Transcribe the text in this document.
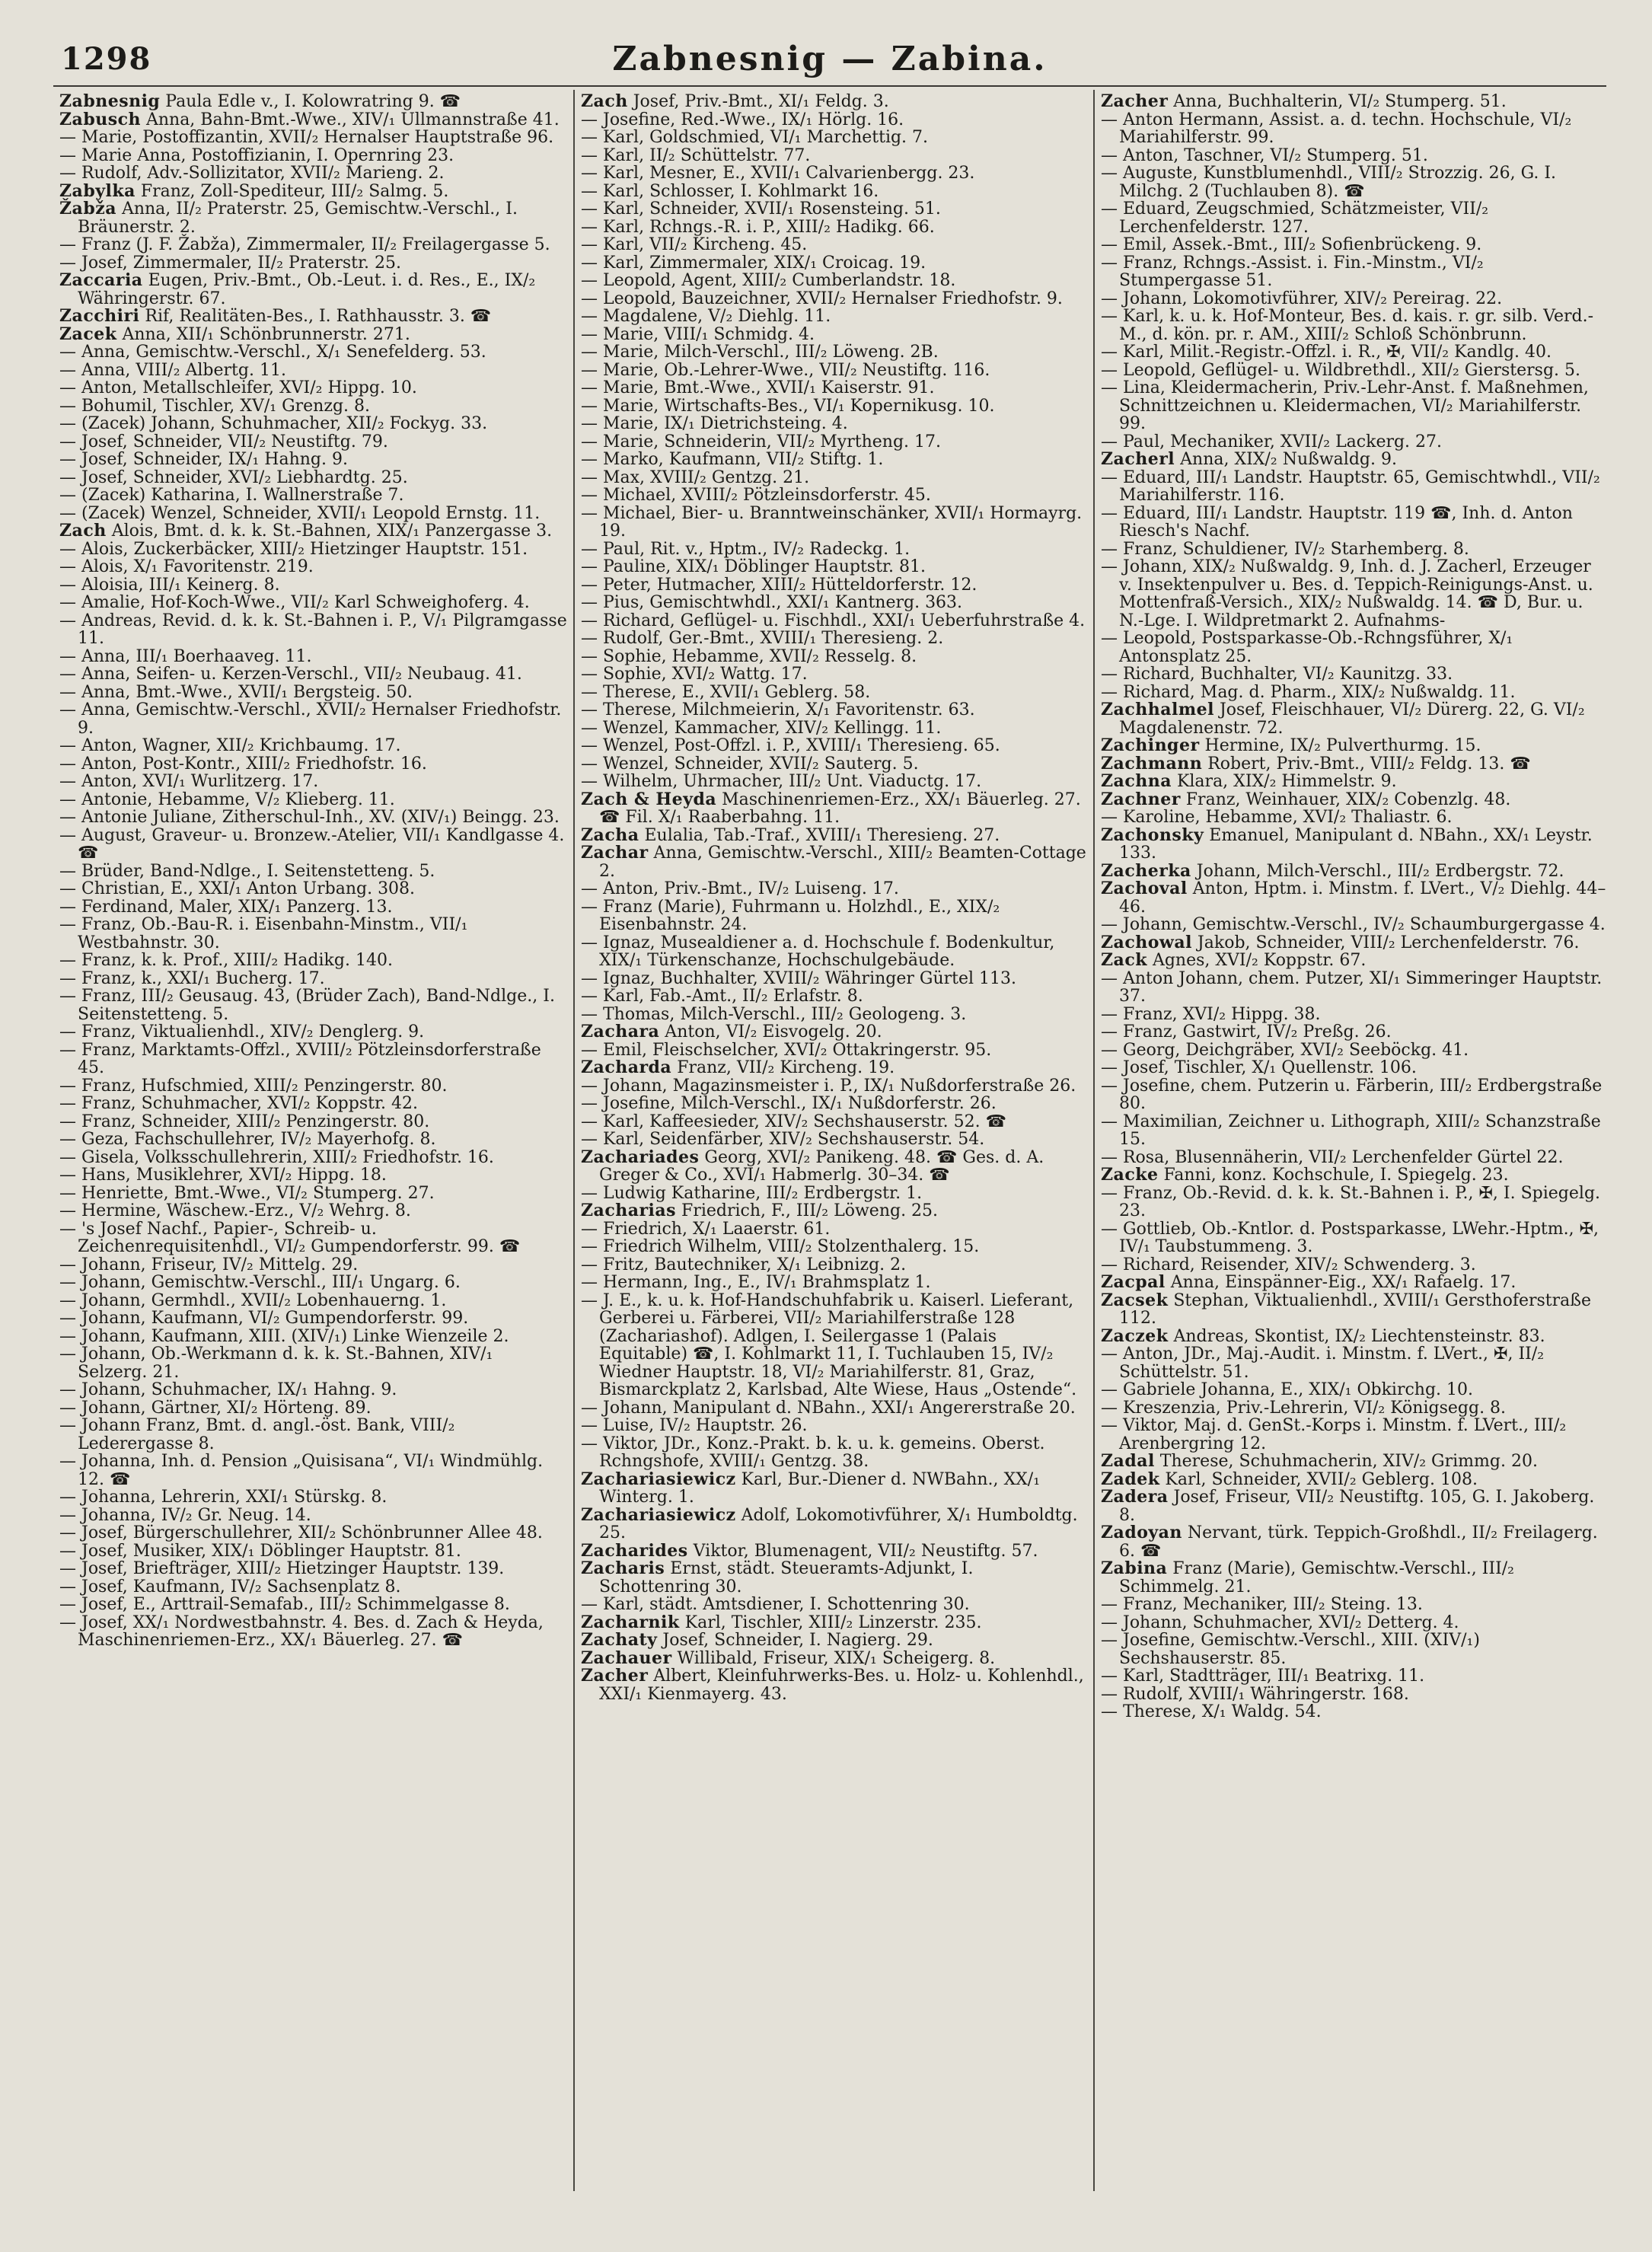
1298	Zabnesnig — Zabina.

Zabnesnig Paula Edle v., I. Kolowratring 9. ☎

Zabusch Anna, Bahn-Bmt.-Wwe., XIV/₁ Ullmannstraße 41.

— Marie, Postoffizantin, XVII/₂ Hernalser Hauptstraße 96.

— Marie Anna, Postoffizianin, I. Opernring 23.

— Rudolf, Adv.-Sollizitator, XVII/₂ Marieng. 2.

Zabylka Franz, Zoll-Spediteur, III/₂ Salmg. 5.

Žabža Anna, II/₂ Praterstr. 25, Gemischtw.-Verschl., I. Bräunerstr. 2.

— Franz (J. F. Žabža), Zimmermaler, II/₂ Freilagergasse 5.

— Josef, Zimmermaler, II/₂ Praterstr. 25.

Zaccaria Eugen, Priv.-Bmt., Ob.-Leut. i. d. Res., E., IX/₂ Währingerstr. 67.

Zacchiri Rif, Realitäten-Bes., I. Rathhausstr. 3. ☎

Zacek Anna, XII/₁ Schönbrunnerstr. 271.

— Anna, Gemischtw.-Verschl., X/₁ Senefelderg. 53.

— Anna, VIII/₂ Albertg. 11.

— Anton, Metallschleifer, XVI/₂ Hippg. 10.

— Bohumil, Tischler, XV/₁ Grenzg. 8.

— (Zacek) Johann, Schuhmacher, XII/₂ Fockyg. 33.

— Josef, Schneider, VII/₂ Neustiftg. 79.

— Josef, Schneider, IX/₁ Hahng. 9.

— Josef, Schneider, XVI/₂ Liebhardtg. 25.

— (Zacek) Katharina, I. Wallnerstraße 7.

— (Zacek) Wenzel, Schneider, XVII/₁ Leopold Ernstg. 11.

Zach Alois, Bmt. d. k. k. St.-Bahnen, XIX/₁ Panzergasse 3.

— Alois, Zuckerbäcker, XIII/₂ Hietzinger Hauptstr. 151.

— Alois, X/₁ Favoritenstr. 219.

— Aloisia, III/₁ Keinerg. 8.

— Amalie, Hof-Koch-Wwe., VII/₂ Karl Schweighoferg. 4.

— Andreas, Revid. d. k. k. St.-Bahnen i. P., V/₁ Pilgramgasse 11.

— Anna, III/₁ Boerhaaveg. 11.

— Anna, Seifen- u. Kerzen-Verschl., VII/₂ Neubaug. 41.

— Anna, Bmt.-Wwe., XVII/₁ Bergsteig. 50.

— Anna, Gemischtw.-Verschl., XVII/₂ Hernalser Friedhofstr. 9.

— Anton, Wagner, XII/₂ Krichbaumg. 17.

— Anton, Post-Kontr., XIII/₂ Friedhofstr. 16.

— Anton, XVI/₁ Wurlitzerg. 17.

— Antonie, Hebamme, V/₂ Klieberg. 11.

— Antonie Juliane, Zitherschul-Inh., XV. (XIV/₁) Beingg. 23.

— August, Graveur- u. Bronzew.-Atelier, VII/₁ Kandlgasse 4. ☎

— Brüder, Band-Ndlge., I. Seitenstetteng. 5.

— Christian, E., XXI/₁ Anton Urbang. 308.

— Ferdinand, Maler, XIX/₁ Panzerg. 13.

— Franz, Ob.-Bau-R. i. Eisenbahn-Minstm., VII/₁ Westbahnstr. 30.

— Franz, k. k. Prof., XIII/₂ Hadikg. 140.

— Franz, k., XXI/₁ Bucherg. 17.

— Franz, III/₂ Geusaug. 43, (Brüder Zach), Band-Ndlge., I. Seitenstetteng. 5.

— Franz, Viktualienhdl., XIV/₂ Denglerg. 9.

— Franz, Marktamts-Offzl., XVIII/₂ Pötzleinsdorferstraße 45.

— Franz, Hufschmied, XIII/₂ Penzingerstr. 80.

— Franz, Schuhmacher, XVI/₂ Koppstr. 42.

— Franz, Schneider, XIII/₂ Penzingerstr. 80.

— Geza, Fachschullehrer, IV/₂ Mayerhofg. 8.

— Gisela, Volksschullehrerin, XIII/₂ Friedhofstr. 16.

— Hans, Musiklehrer, XVI/₂ Hippg. 18.

— Henriette, Bmt.-Wwe., VI/₂ Stumperg. 27.

— Hermine, Wäschew.-Erz., V/₂ Wehrg. 8.

— 's Josef Nachf., Papier-, Schreib- u. Zeichenrequisitenhdl., VI/₂ Gumpendorferstr. 99. ☎

— Johann, Friseur, IV/₂ Mittelg. 29.

— Johann, Gemischtw.-Verschl., III/₁ Ungarg. 6.

— Johann, Germhdl., XVII/₂ Lobenhauerng. 1.

— Johann, Kaufmann, VI/₂ Gumpendorferstr. 99.

— Johann, Kaufmann, XIII. (XIV/₁) Linke Wienzeile 2.

— Johann, Ob.-Werkmann d. k. k. St.-Bahnen, XIV/₁ Selzerg. 21.

— Johann, Schuhmacher, IX/₁ Hahng. 9.

— Johann, Gärtner, XI/₂ Hörteng. 89.

— Johann Franz, Bmt. d. angl.-öst. Bank, VIII/₂ Lederergasse 8.

— Johanna, Inh. d. Pension „Quisisana“, VI/₁ Windmühlg. 12. ☎

— Johanna, Lehrerin, XXI/₁ Stürskg. 8.

— Johanna, IV/₂ Gr. Neug. 14.

— Josef, Bürgerschullehrer, XII/₂ Schönbrunner Allee 48.

— Josef, Musiker, XIX/₁ Döblinger Hauptstr. 81.

— Josef, Briefträger, XIII/₂ Hietzinger Hauptstr. 139.

— Josef, Kaufmann, IV/₂ Sachsenplatz 8.

— Josef, E., Arttrail-Semafab., III/₂ Schimmelgasse 8.

— Josef, XX/₁ Nordwestbahnstr. 4. Bes. d. Zach & Heyda, Maschinenriemen-Erz., XX/₁ Bäuerleg. 27. ☎

Zach Josef, Priv.-Bmt., XI/₁ Feldg. 3.

— Josefine, Red.-Wwe., IX/₁ Hörlg. 16.

— Karl, Goldschmied, VI/₁ Marchettig. 7.

— Karl, II/₂ Schüttelstr. 77.

— Karl, Mesner, E., XVII/₁ Calvarienbergg. 23.

— Karl, Schlosser, I. Kohlmarkt 16.

— Karl, Schneider, XVII/₁ Rosensteing. 51.

— Karl, Rchngs.-R. i. P., XIII/₂ Hadikg. 66.

— Karl, VII/₂ Kircheng. 45.

— Karl, Zimmermaler, XIX/₁ Croicag. 19.

— Leopold, Agent, XIII/₂ Cumberlandstr. 18.

— Leopold, Bauzeichner, XVII/₂ Hernalser Friedhofstr. 9.

— Magdalene, V/₂ Diehlg. 11.

— Marie, VIII/₁ Schmidg. 4.

— Marie, Milch-Verschl., III/₂ Löweng. 2B.

— Marie, Ob.-Lehrer-Wwe., VII/₂ Neustiftg. 116.

— Marie, Bmt.-Wwe., XVII/₁ Kaiserstr. 91.

— Marie, Wirtschafts-Bes., VI/₁ Kopernikusg. 10.

— Marie, IX/₁ Dietrichsteing. 4.

— Marie, Schneiderin, VII/₂ Myrtheng. 17.

— Marko, Kaufmann, VII/₂ Stiftg. 1.

— Max, XVIII/₂ Gentzg. 21.

— Michael, XVIII/₂ Pötzleinsdorferstr. 45.

— Michael, Bier- u. Branntweinschänker, XVII/₁ Hormayrg. 19.

— Paul, Rit. v., Hptm., IV/₂ Radeckg. 1.

— Pauline, XIX/₁ Döblinger Hauptstr. 81.

— Peter, Hutmacher, XIII/₂ Hütteldorferstr. 12.

— Pius, Gemischtwhdl., XXI/₁ Kantnerg. 363.

— Richard, Geflügel- u. Fischhdl., XXI/₁ Ueberfuhrstraße 4.

— Rudolf, Ger.-Bmt., XVIII/₁ Theresieng. 2.

— Sophie, Hebamme, XVII/₂ Resselg. 8.

— Sophie, XVI/₂ Wattg. 17.

— Therese, E., XVII/₁ Geblerg. 58.

— Therese, Milchmeierin, X/₁ Favoritenstr. 63.

— Wenzel, Kammacher, XIV/₂ Kellingg. 11.

— Wenzel, Post-Offzl. i. P., XVIII/₁ Theresieng. 65.

— Wenzel, Schneider, XVII/₂ Sauterg. 5.

— Wilhelm, Uhrmacher, III/₂ Unt. Viaductg. 17.

Zach & Heyda Maschinenriemen-Erz., XX/₁ Bäuerleg. 27. ☎ Fil. X/₁ Raaberbahng. 11.

Zacha Eulalia, Tab.-Traf., XVIII/₁ Theresieng. 27.

Zachar Anna, Gemischtw.-Verschl., XIII/₂ Beamten-Cottage 2.

— Anton, Priv.-Bmt., IV/₂ Luiseng. 17.

— Franz (Marie), Fuhrmann u. Holzhdl., E., XIX/₂ Eisenbahnstr. 24.

— Ignaz, Musealdiener a. d. Hochschule f. Bodenkultur, XIX/₁ Türkenschanze, Hochschulgebäude.

— Ignaz, Buchhalter, XVIII/₂ Währinger Gürtel 113.

— Karl, Fab.-Amt., II/₂ Erlafstr. 8.

— Thomas, Milch-Verschl., III/₂ Geologeng. 3.

Zachara Anton, VI/₂ Eisvogelg. 20.

— Emil, Fleischselcher, XVI/₂ Ottakringerstr. 95.

Zacharda Franz, VII/₂ Kircheng. 19.

— Johann, Magazinsmeister i. P., IX/₁ Nußdorferstraße 26.

— Josefine, Milch-Verschl., IX/₁ Nußdorferstr. 26.

— Karl, Kaffeesieder, XIV/₂ Sechshauserstr. 52. ☎

— Karl, Seidenfärber, XIV/₂ Sechshauserstr. 54.

Zachariades Georg, XVI/₂ Panikeng. 48. ☎ Ges. d. A. Greger & Co., XVI/₁ Habmerlg. 30–34. ☎

— Ludwig Katharine, III/₂ Erdbergstr. 1.

Zacharias Friedrich, F., III/₂ Löweng. 25.

— Friedrich, X/₁ Laaerstr. 61.

— Friedrich Wilhelm, VIII/₂ Stolzenthalerg. 15.

— Fritz, Bautechniker, X/₁ Leibnizg. 2.

— Hermann, Ing., E., IV/₁ Brahmsplatz 1.

— J. E., k. u. k. Hof-Handschuhfabrik u. Kaiserl. Lieferant, Gerberei u. Färberei, VII/₂ Mariahilferstraße 128 (Zachariashof). Adlgen, I. Seilergasse 1 (Palais Equitable) ☎, I. Kohlmarkt 11, I. Tuchlauben 15, IV/₂ Wiedner Hauptstr. 18, VI/₂ Mariahilferstr. 81, Graz, Bismarckplatz 2, Karlsbad, Alte Wiese, Haus „Ostende“.

— Johann, Manipulant d. NBahn., XXI/₁ Angererstraße 20.

— Luise, IV/₂ Hauptstr. 26.

— Viktor, JDr., Konz.-Prakt. b. k. u. k. gemeins. Oberst. Rchngshofe, XVIII/₁ Gentzg. 38.

Zachariasiewicz Karl, Bur.-Diener d. NWBahn., XX/₁ Winterg. 1.

Zachariasiewicz Adolf, Lokomotivführer, X/₁ Humboldtg. 25.

Zacharides Viktor, Blumenagent, VII/₂ Neustiftg. 57.

Zacharis Ernst, städt. Steueramts-Adjunkt, I. Schottenring 30.

— Karl, städt. Amtsdiener, I. Schottenring 30.

Zacharnik Karl, Tischler, XIII/₂ Linzerstr. 235.

Zachaty Josef, Schneider, I. Nagierg. 29.

Zachauer Willibald, Friseur, XIX/₁ Scheigerg. 8.

Zacher Albert, Kleinfuhrwerks-Bes. u. Holz- u. Kohlenhdl., XXI/₁ Kienmayerg. 43.

Zacher Anna, Buchhalterin, VI/₂ Stumperg. 51.

— Anton Hermann, Assist. a. d. techn. Hochschule, VI/₂ Mariahilferstr. 99.

— Anton, Taschner, VI/₂ Stumperg. 51.

— Auguste, Kunstblumenhdl., VIII/₂ Strozzig. 26, G. I. Milchg. 2 (Tuchlauben 8). ☎

— Eduard, Zeugschmied, Schätzmeister, VII/₂ Lerchenfelderstr. 127.

— Emil, Assek.-Bmt., III/₂ Sofienbrückeng. 9.

— Franz, Rchngs.-Assist. i. Fin.-Minstm., VI/₂ Stumpergasse 51.

— Johann, Lokomotivführer, XIV/₂ Pereirag. 22.

— Karl, k. u. k. Hof-Monteur, Bes. d. kais. r. gr. silb. Verd.-M., d. kön. pr. r. AM., XIII/₂ Schloß Schönbrunn.

— Karl, Milit.-Registr.-Offzl. i. R., ✠, VII/₂ Kandlg. 40.

— Leopold, Geflügel- u. Wildbrethdl., XII/₂ Gierstersg. 5.

— Lina, Kleidermacherin, Priv.-Lehr-Anst. f. Maßnehmen, Schnittzeichnen u. Kleidermachen, VI/₂ Mariahilferstr. 99.

— Paul, Mechaniker, XVII/₂ Lackerg. 27.

Zacherl Anna, XIX/₂ Nußwaldg. 9.

— Eduard, III/₁ Landstr. Hauptstr. 65, Gemischtwhdl., VII/₂ Mariahilferstr. 116.

— Eduard, III/₁ Landstr. Hauptstr. 119 ☎, Inh. d. Anton Riesch's Nachf.

— Franz, Schuldiener, IV/₂ Starhemberg. 8.

— Johann, XIX/₂ Nußwaldg. 9, Inh. d. J. Zacherl, Erzeuger v. Insektenpulver u. Bes. d. Teppich-Reinigungs-Anst. u. Mottenfraß-Versich., XIX/₂ Nußwaldg. 14. ☎ D, Bur. u. N.-Lge. I. Wildpretmarkt 2. Aufnahms-

— Leopold, Postsparkasse-Ob.-Rchngsführer, X/₁ Antonsplatz 25.

— Richard, Buchhalter, VI/₂ Kaunitzg. 33.

— Richard, Mag. d. Pharm., XIX/₂ Nußwaldg. 11.

Zachhalmel Josef, Fleischhauer, VI/₂ Dürerg. 22, G. VI/₂ Magdalenenstr. 72.

Zachinger Hermine, IX/₂ Pulverthurmg. 15.

Zachmann Robert, Priv.-Bmt., VIII/₂ Feldg. 13. ☎

Zachna Klara, XIX/₂ Himmelstr. 9.

Zachner Franz, Weinhauer, XIX/₂ Cobenzlg. 48.

— Karoline, Hebamme, XVI/₂ Thaliastr. 6.

Zachonsky Emanuel, Manipulant d. NBahn., XX/₁ Leystr. 133.

Zacherka Johann, Milch-Verschl., III/₂ Erdbergstr. 72.

Zachoval Anton, Hptm. i. Minstm. f. LVert., V/₂ Diehlg. 44–46.

— Johann, Gemischtw.-Verschl., IV/₂ Schaumburgergasse 4.

Zachowal Jakob, Schneider, VIII/₂ Lerchenfelderstr. 76.

Zack Agnes, XVI/₂ Koppstr. 67.

— Anton Johann, chem. Putzer, XI/₁ Simmeringer Hauptstr. 37.

— Franz, XVI/₂ Hippg. 38.

— Franz, Gastwirt, IV/₂ Preßg. 26.

— Georg, Deichgräber, XVI/₂ Seeböckg. 41.

— Josef, Tischler, X/₁ Quellenstr. 106.

— Josefine, chem. Putzerin u. Färberin, III/₂ Erdbergstraße 80.

— Maximilian, Zeichner u. Lithograph, XIII/₂ Schanzstraße 15.

— Rosa, Blusennäherin, VII/₂ Lerchenfelder Gürtel 22.

Zacke Fanni, konz. Kochschule, I. Spiegelg. 23.

— Franz, Ob.-Revid. d. k. k. St.-Bahnen i. P., ✠, I. Spiegelg. 23.

— Gottlieb, Ob.-Kntlor. d. Postsparkasse, LWehr.-Hptm., ✠, IV/₁ Taubstummeng. 3.

— Richard, Reisender, XIV/₂ Schwenderg. 3.

Zacpal Anna, Einspänner-Eig., XX/₁ Rafaelg. 17.

Zacsek Stephan, Viktualienhdl., XVIII/₁ Gersthoferstraße 112.

Zaczek Andreas, Skontist, IX/₂ Liechtensteinstr. 83.

— Anton, JDr., Maj.-Audit. i. Minstm. f. LVert., ✠, II/₂ Schüttelstr. 51.

— Gabriele Johanna, E., XIX/₁ Obkirchg. 10.

— Kreszenzia, Priv.-Lehrerin, VI/₂ Königsegg. 8.

— Viktor, Maj. d. GenSt.-Korps i. Minstm. f. LVert., III/₂ Arenbergring 12.

Zadal Therese, Schuhmacherin, XIV/₂ Grimmg. 20.

Zadek Karl, Schneider, XVII/₂ Geblerg. 108.

Zadera Josef, Friseur, VII/₂ Neustiftg. 105, G. I. Jakoberg. 8.

Zadoyan Nervant, türk. Teppich-Großhdl., II/₂ Freilagerg. 6. ☎

Zabina Franz (Marie), Gemischtw.-Verschl., III/₂ Schimmelg. 21.

— Franz, Mechaniker, III/₂ Steing. 13.

— Johann, Schuhmacher, XVI/₂ Detterg. 4.

— Josefine, Gemischtw.-Verschl., XIII. (XIV/₁) Sechshauserstr. 85.

— Karl, Stadtträger, III/₁ Beatrixg. 11.

— Rudolf, XVIII/₁ Währingerstr. 168.

— Therese, X/₁ Waldg. 54.
